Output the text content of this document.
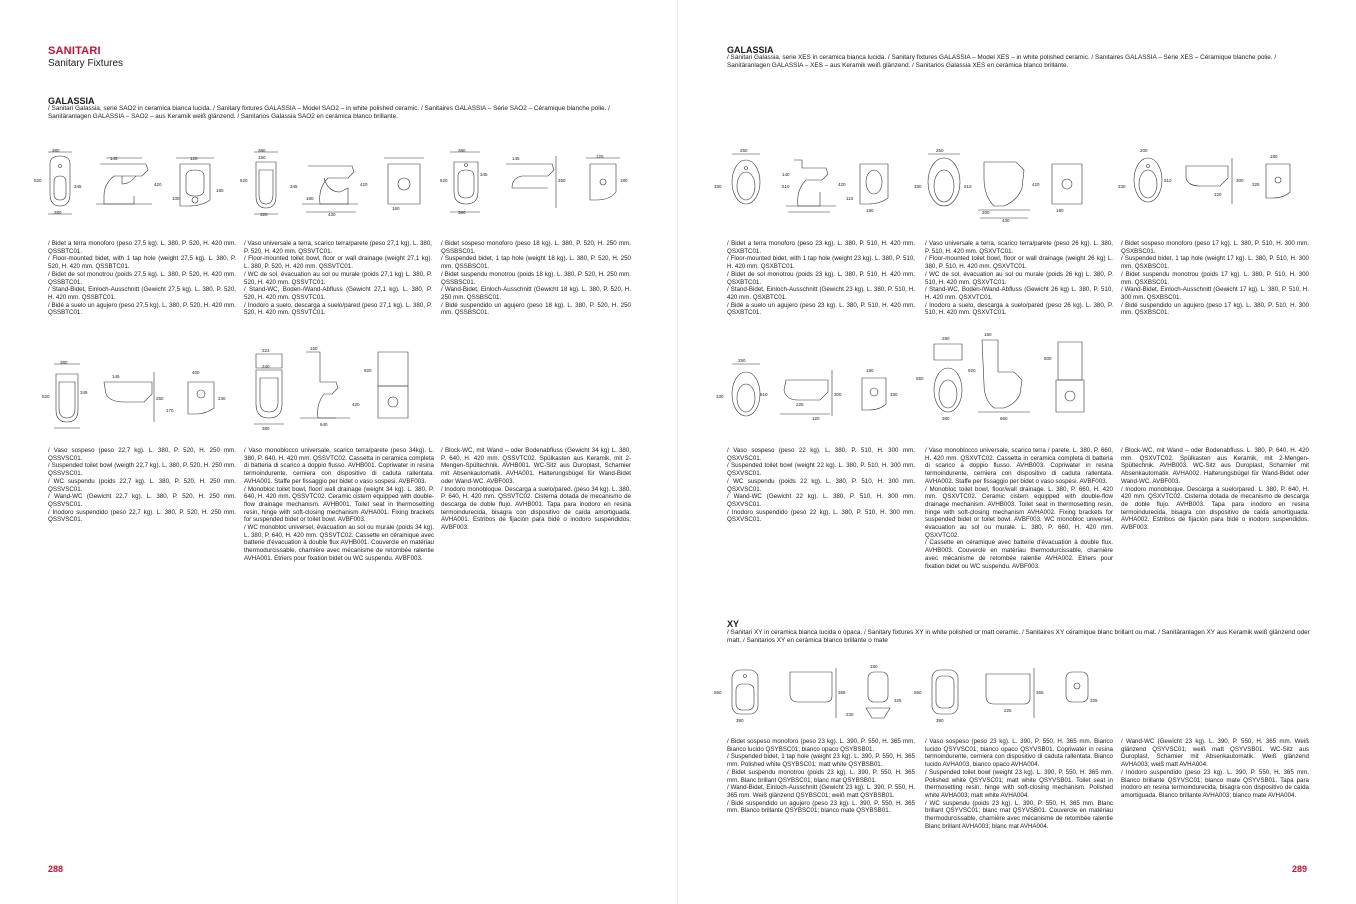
SANITARI
Sanitary Fixtures
GALASSIA
/ Sanitari Galassia, serie SAO2 in ceramica bianca lucida. / Sanitary fixtures GALASSIA – Model SAO2 – in white polished ceramic. / Sanitaires GALASSIA – Série SAO2 – Céramique blanche polie. / Sanitäranlagen GALASSIA – SAO2 – aus Keramik weiß glänzend. / Sanitarios Galassia SAO2 en cerámica blanco brillante.
380
520
345
145
420
120
180
100
380
380
150
520
345	420
180
160
430
320
380
520
345
145
250
120
180
380
/ Bidet a terra monoforo (peso 27,5 kg). L. 380, P. 520, H. 420 mm. QSSBTC01.
/ Floor-mounted bidet, with 1 tap hole (weight 27,5 kg). L. 380, P. 520, H. 420 mm. QSSBTC01.
/ Bidet de sol monotrou (poids 27,5 kg). L. 380, P. 520, H. 420 mm. QSSBTC01.
/ Stand-Bidet, Einloch-Ausschnitt (Gewicht 27,5 kg). L. 380, P. 520, H. 420 mm. QSSBTC01.
/ Bidé a suelo un agujero (peso 27,5 kg). L. 380, P. 520, H. 420 mm. QSSBTC01.
/ Vaso universale a terra, scarico terra/parete (peso 27,1 kg). L. 380, P. 520, H. 420 mm. QSSVTC01.
/ Floor-mounted toilet bowl, floor or wall drainage (weight 27,1 kg). L. 380, P. 520, H. 420 mm. QSSVTC01.
/ WC de sol, évacuation au sol ou murale (poids 27,1 kg) L. 380, P. 520, H. 420 mm. QSSVTC01.
/ Stand-WC, Boden-/Wand-Abfluss (Gewicht 27,1 kg). L. 380, P. 520, H. 420 mm. QSSVTC01.
/ Inodoro a suelo, descarga a suelo/pared (peso 27,1 kg). L. 380, P. 520, H. 420 mm. QSSVTC01.
/ Bidet sospeso monoforo (peso 18 kg). L. 380, P. 520, H. 250 mm. QSSBSC01.
/ Suspended bidet, 1 tap hole (weight 18 kg). L. 380, P. 520, H. 250 mm. QSSBSC01.
/ Bidet suspendu monotrou (poids 18 kg). L. 380, P. 520, H. 250 mm. QSSBSC01.
/ Wand-Bidet, Einloch-Ausschnitt (Gewicht 18 kg). L. 380, P. 520, H. 250 mm. QSSBSC01.
/ Bidé suspendido un agujero (peso 18 kg). L. 380, P. 520, H. 250 mm. QSSBSC01.
380
520
345
145
250
170
400
230
323
240
150
380
420
640
920
/ Vaso sospeso (peso 22,7 kg). L. 380, P. 520, H. 250 mm. QSSVSC01.
/ Suspended toilet bowl (weigth 22,7 kg). L. 380, P. 520, H. 250 mm. QSSVSC01.
/ WC suspendu (poids 22,7 kg). L. 380, P. 520, H. 250 mm. QSSVSC01.
/ Wand-WC (Gewicht 22,7 kg). L. 380, P. 520, H. 250 mm. QSSVSC01.
/ Inodoro suspendido (peso 22,7 kg). L. 380, P. 520, H. 250 mm. QSSVSC01.
/ Vaso monoblocco universale, scarico terra/parete (peso 34kg). L. 380, P. 640, H. 420 mm. QSSVTC02. Cassetta in ceramica completa di batteria di scarico a doppio flusso. AVHB001. Copriwater in resina termoindurente, cerniera con dispositivo di caduta rallentata. AVHA001. Staffe per fissaggio per bidet o vaso sospesi. AVBF003.
/ Monobloc toilet bowl, floor/ wall drainage (weight 34 kg). L. 380, P. 640, H. 420 mm. QSSVTC02. Ceramic cistern equipped with double-flow drainage mechanism. AVHB001. Toilet seat in thermosetting resin, hinge with soft-closing mechanism AVHA001. Fixing brackets for suspended bidet or toilet bowl. AVBF003.
/ WC monobloc universel, évacuation au sol ou murale (poids 34 kg). L. 380, P. 640, H. 420 mm. QSSVTC02. Cassette en céramique avec batterie d'évacuation à double flux AVHB001. Couvercle en matériau thermodurcissable, charnière avec mécanisme de retombée ralentie AVHA001. Etriers pour fixation bidet ou WC suspendu. AVBF003.
/ Block-WC, mit Wand – oder Bodenabfluss (Gewicht 34 kg) L. 380, P. 640, H. 420 mm. QSSVTC02. Spülkasten aus Keramik, mit 2-Mengen-Spültechnik. AVHB001. WC-Sitz aus Duroplast, Scharnier mit Absenkautomatik. AVHA001. Halterungsbügel für Wand-Bidet oder Wand-WC. AVBF003.
/ Inodoro monobloque. Descarga a suelo/pared. (peso 34 kg). L. 380, P. 640, H. 420 mm. QSSVTC02. Cisterna dotada de mecanismo de descarga de doble flujo. AVHB001. Tapa para inodoro en resina termoindurecida, bisagra con dispositivo de caída amortiguada. AVHA001. Estribos de fijación para bidé o inodoro suspendidos. AVBF003.
288
GALASSIA
/ Sanitari Galassia, serie XES in ceramica bianca lucida. / Sanitary fixtures GALASSIA – Model XES – in white polished ceramic. / Sanitaires GALASSIA – Série XES – Céramique blanche polie. / Sanitäranlagen GALASSIA – XES – aus Keramik weiß glänzend. / Sanitarios Galassia XES en cerámica blanco brillante.
250
330	510	420
180
140
110
250
330	510	420
180
200
430
200
330
510	300
180
120
325
/ Bidet a terra monoforo (peso 23 kg). L. 380, P. 510, H. 420 mm. QSXBTC01.
/ Floor-mounted bidet, with 1 tap hole (weight 23 kg). L. 380, P. 510, H. 420 mm. QSXBTC01.
/ Bidet de sol monotrou (poids 23 kg). L. 380, P. 510, H. 420 mm. QSXBTC01.
/ Stand-Bidet, Einloch-Ausschnitt (Gewicht 23 kg). L. 380, P. 510, H. 420 mm. QSXBTC01.
/ Bidé a suelo un agujero (peso 23 kg). L. 380, P. 510, H. 420 mm. QSXBTC01.
/ Vaso universale a terra, scarico terra/parete (peso 26 kg). L. 380, P. 510, H. 420 mm. QSXVTC01.
/ Floor-mounted toilet bowl, floor or wall drainage (weight 26 kg) L. 380, P. 510, H. 420 mm. QSXVTC01.
/ WC de sol, évacuation au sol ou murale (poids 26 kg) L. 380, P. 510, H. 420 mm. QSXVTC01.
/ Stand-WC, Boden-/Wand-Abfluss (Gewicht 26 kg) L. 380, P. 510, H. 420 mm. QSXVTC01.
/ Inodoro a suelo, descarga a suelo/pared (peso 26 kg). L. 380, P. 510, H. 420 mm. QSXVTC01.
/ Bidet sospeso monoforo (peso 17 kg). L. 380, P. 510, H. 300 mm. QSXBSC01.
/ Suspended bidet, 1 tap hole (weight 17 kg). L. 380, P. 510, H. 300 mm. QSXBSC01.
/ Bidet suspendu monotrou (poids 17 kg). L. 380, P. 510, H. 300 mm. QSXBSC01.
/ Wand-Bidet, Einloch-Ausschnitt (Gewicht 17 kg). L. 380, P. 510, H. 300 mm. QSXBSC01.
/ Bidé suspendido un agujero (peso 17 kg). L. 380, P. 510, H. 300 mm. QSXBSC01.
250
330	510	300
180
225
120
330
290
150
380
650
920
660
500
/ Vaso sospeso (peso 22 kg). L. 380, P. 510, H. 300 mm. QSXVSC01.
/ Suspended toilet bowl (weight 22 kg). L. 380, P. 510, H. 300 mm. QSXVSC01.
/ WC suspendu (poids 22 kg). L. 380, P. 510, H. 300 mm. QSXVSC01.
/ Wand-WC (Gewicht 22 kg). L. 380, P. 510, H. 300 mm. QSXVSC01.
/ Inodoro suspendido (peso 22 kg). L. 380, P. 510, H. 300 mm. QSXVSC01.
/ Vaso monoblocco universale, scarico terra / parete. L. 380, P. 660, H. 420 mm. QSXVTC02. Cassetta in ceramica completa di batteria di scarico a doppio flusso. AVHB003. Copriwater in resina termoindurente, cerniera con dispositivo di caduta rallentata. AVHA002. Staffe per fissaggio per bidet o vaso sospesi. AVBF003.
/ Monobloc toilet bowl, floor/wall drainage. L. 380, P. 660, H. 420 mm. QSXVTC02. Ceramic cistern equipped with double-flow drainage mechanism. AVHB003. Toilet seat in thermosetting resin, hinge with soft-closing mechanism AVHA002. Fixing brackets for suspended bidet or toilet bowl. AVBF003. WC monobloc universel, évacuation au sol ou murale. L. 380, P. 660, H. 420 mm. QSXVTC02.
/ Cassette en céramique avec batterie d'évacuation à double flux. AVHB003. Couvercle en matériau thermodurcissable, charnière avec mécanisme de retombée ralentie AVHA002. Etriers pour fixation bidet ou WC suspendu. AVBF003.
/ Block-WC, mit Wand – oder Bodenabfluss. L. 380, P. 640, H. 420 mm. QSXVTC02. Spülkasten aus Keramik, mit 2-Mengen-Spültechnik. AVHB003. WC-Sitz aus Duroplast, Scharnier mit Absenkautomatik. AVHA002. Halterungsbügel für Wand-Bidet oder Wand-WC. AVBF003.
/ Inodoro monobloque. Descarga a suelo/pared. L. 380, P. 640, H. 420 mm. QSXVTC02. Cisterna dotada de mecanismo de descarga de doble flujo. AVHB003. Tapa para inodoro en resina termoindurecida, bisagra con dispositivo de caída amortiguada. AVHA002. Estribos de fijación para bidé o inodoro suspendidos. AVBF003.
XY
/ Sanitari XY in ceramica bianca lucida o opaca. / Sanitary fixtures XY in white polished or matt ceramic. / Sanitaires XY céramique blanc brillant ou mat. / Sanitäranlagen XY aus Keramik weiß glänzend oder matt. / Sanitarios XY en cerámica blanco brillante o mate
550
390
365
180
325
230
550
390
365
225
325
/ Bidet sospeso monoforo (peso 23 kg). L. 390, P. 550, H. 365 mm. Bianco lucido QSYBSC01; bianco opaco QSYBSB01.
/ Suspended bidet, 1 tap hole (weight 23 kg). L. 390, P. 550, H. 365 mm. Polished white QSYBSC01; matt white QSYBSB01.
/ Bidet suspendu monotrou (poids 23 kg). L. 390, P. 550, H. 365 mm. Blanc brillant QSYBSC01; blanc mat QSYBSB01.
/ Wand-Bidet, Einloch-Ausschnitt (Gewicht 23 kg). L. 390, P. 550, H. 365 mm. Weiß glänzend QSYBSC01; weiß matt QSYBSB01.
/ Bidé suspendido un agujero (peso 23 kg). L. 390, P. 550, H. 365 mm. Blanco brillante QSYBSC01; blanco mate QSYBSB01.
/ Vaso sospeso (peso 23 kg). L. 390, P. 550, H. 365 mm. Bianco lucido QSYVSC01; bianco opaco QSYVSB01. Copriwater in resina termoindurente, cerniera con dispositivo di caduta rallentata. Bianco lucido AVHA003, bianco opaco AVHA004.
/ Suspended toilet bowl (weight 23 kg). L. 390, P. 550, H. 365 mm. Polished white QSYVSC01; matt white QSYVSB01. Toilet seat in thermosetting resin, hinge with soft-closing mechanism. Polished white AVHA003; matt white AVHA004.
/ WC suspendu (poids 23 kg). L. 390, P. 550, H. 365 mm. Blanc brillant QSYVSC01; blanc mat QSYVSB01. Couvercle en matériau thermodurcissable, charnière avec mécanisme de retombée ralentie Blanc brillant AVHA003; blanc mat AVHA004.
/ Wand-WC (Gewicht 23 kg). L. 390, P. 550, H. 365 mm. Weiß glänzend QSYVSC01; weiß matt QSYVSB01. WC-Sitz aus Duroplast, Scharnier mit Absenkautomatik. Weiß glänzend AVHA003; weiß matt AVHA004.
/ Inodoro suspendido (peso 23 kg). L. 390, P. 550, H. 365 mm. Blanco brillante QSYVSC01; blanco mate QSYVSB01. Tapa para inodoro en resina termoindurecida, bisagra con dispositivo de caída amortiguada. Blanco brillante AVHA003; blanco mate AVHA004.
289
